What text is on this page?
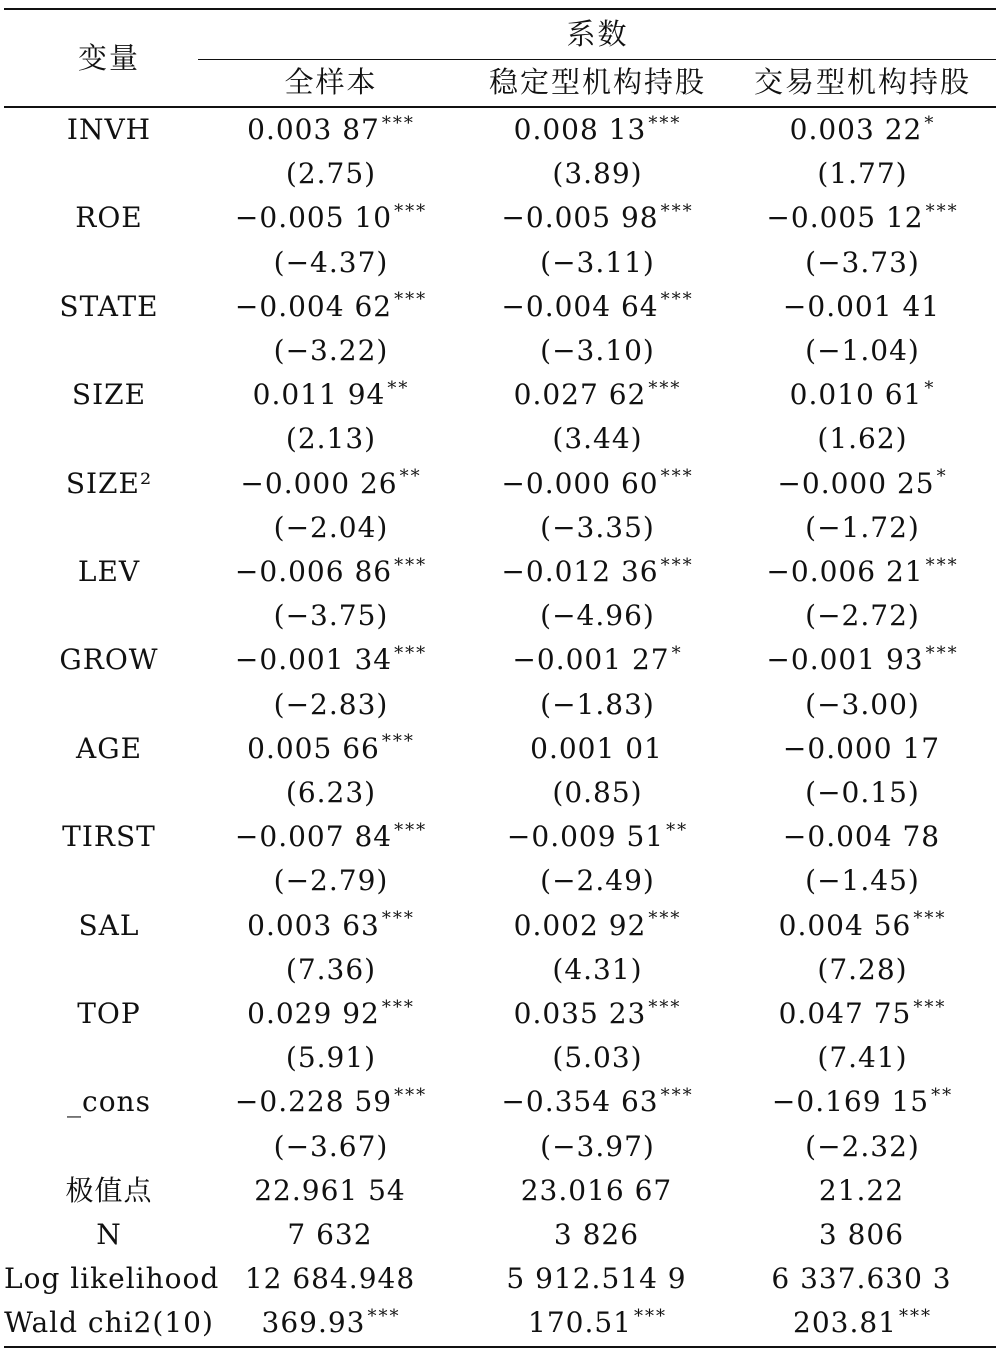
变量
系数
全样本	稳定型机构持股	交易型机构持股
INVH	0.003 87 ***	0.008 13 ***	0.003 22 *
(2.75)	(3.89)	(1.77)
ROE	−0.005 10 ***	−0.005 98 ***	−0.005 12 ***
(−4.37)	(−3.11)	(−3.73)
STATE	−0.004 62 ***	−0.004 64 ***	−0.001 41
(−3.22)	(−3.10)	(−1.04)
SIZE	0.011 94 **	0.027 62 ***	0.010 61 *
(2.13)	(3.44)	(1.62)
SIZE²	−0.000 26 **	−0.000 60 ***	−0.000 25 *
(−2.04)	(−3.35)	(−1.72)
LEV	−0.006 86 ***	−0.012 36 ***	−0.006 21 ***
(−3.75)	(−4.96)	(−2.72)
GROW	−0.001 34 ***	−0.001 27 *	−0.001 93 ***
(−2.83)	(−1.83)	(−3.00)
AGE	0.005 66 ***	0.001 01	−0.000 17
(6.23)	(0.85)	(−0.15)
TIRST	−0.007 84 ***	−0.009 51 **	−0.004 78
(−2.79)	(−2.49)	(−1.45)
SAL	0.003 63 ***	0.002 92 ***	0.004 56 ***
(7.36)	(4.31)	(7.28)
TOP	0.029 92 ***	0.035 23 ***	0.047 75 ***
(5.91)	(5.03)	(7.41)
_cons	−0.228 59 ***	−0.354 63 ***	−0.169 15 **
(−3.67)	(−3.97)	(−2.32)
极值点	22.961 54	23.016 67	21.22
N	7 632	3 826	3 806
Log likelihood 12 684.948	5 912.514 9	6 337.630 3
Wald chi2(10)	369.93 ***	170.51 ***	203.81 ***
